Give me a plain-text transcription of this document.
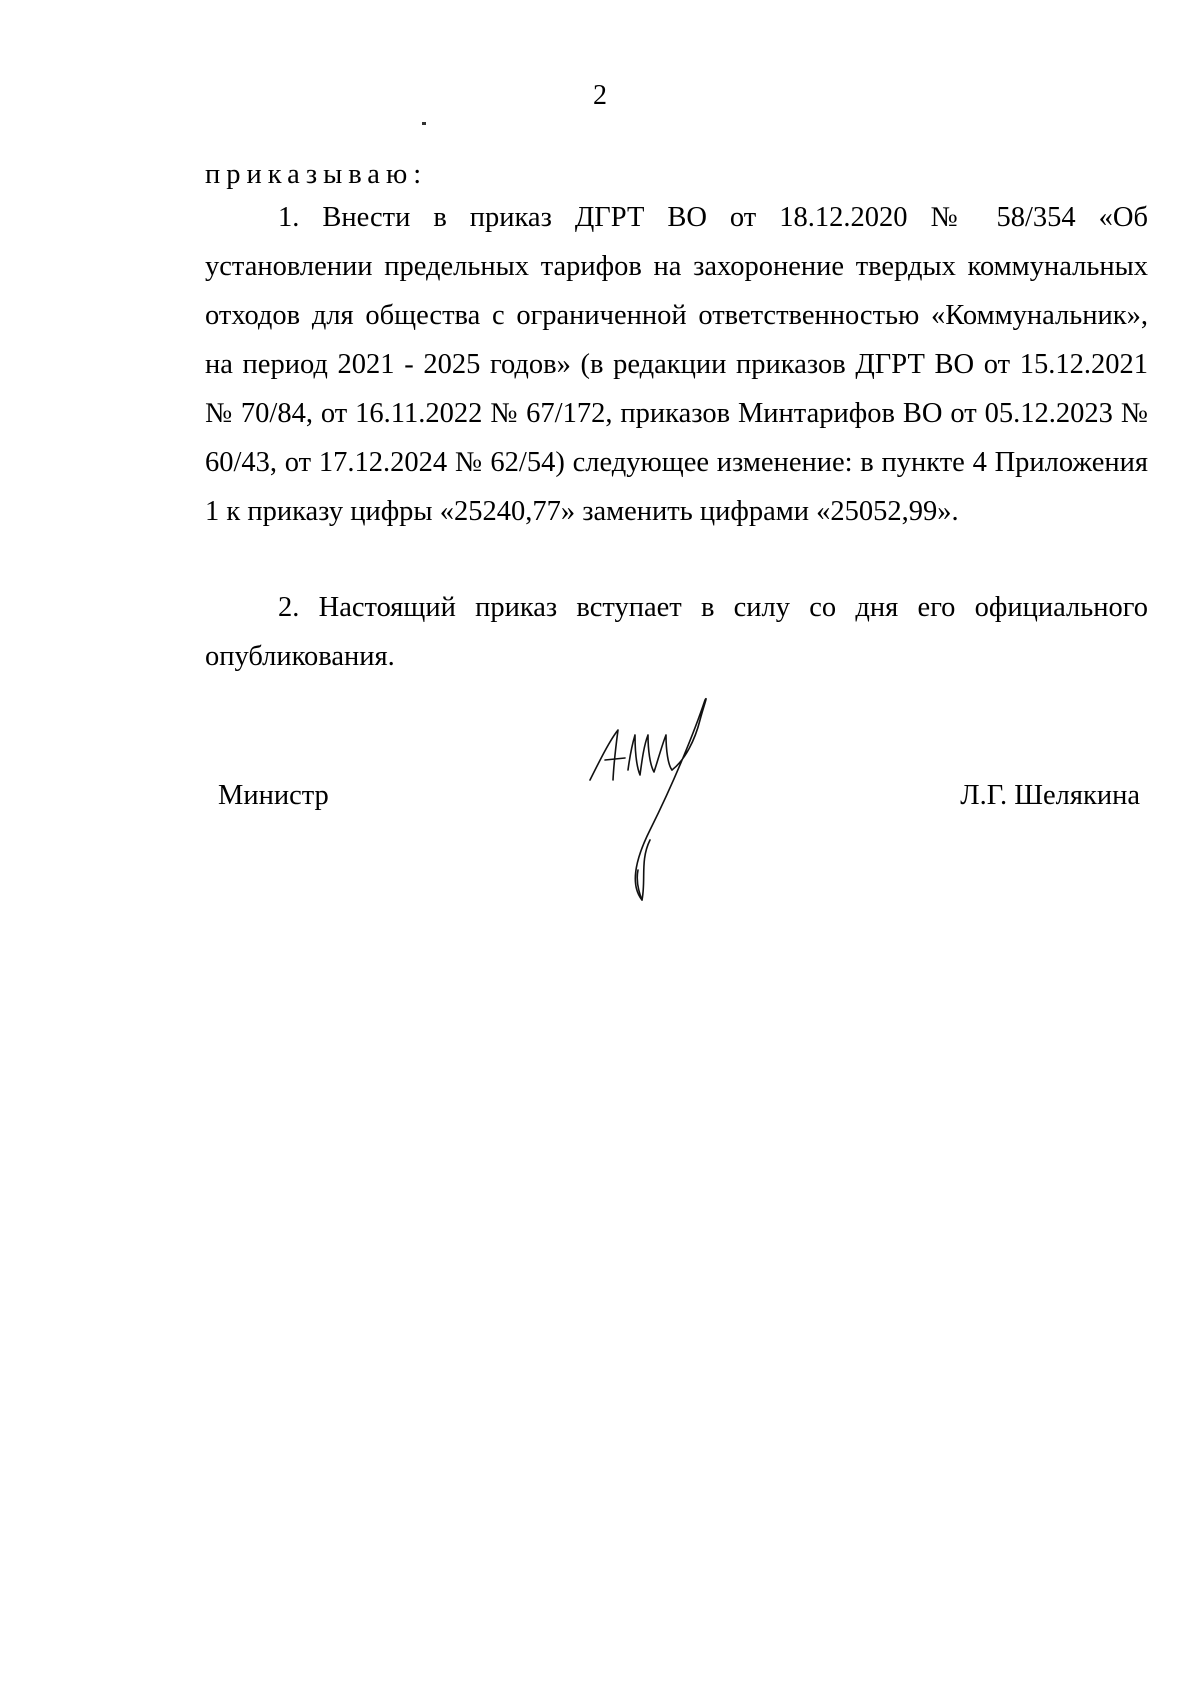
2
приказываю:

1. Внести в приказ ДГРТ ВО от 18.12.2020 № 58/354 «Об установлении предельных тарифов на захоронение твердых коммунальных отходов для общества с ограниченной ответственностью «Коммунальник», на период 2021 - 2025 годов» (в редакции приказов ДГРТ ВО от 15.12.2021 № 70/84, от 16.11.2022 № 67/172, приказов Минтарифов ВО от 05.12.2023 № 60/43, от 17.12.2024 № 62/54) следующее изменение: в пункте 4 Приложения 1 к приказу цифры «25240,77» заменить цифрами «25052,99».

2. Настоящий приказ вступает в силу со дня его официального опубликования.

Министр	Л.Г. Шелякина
